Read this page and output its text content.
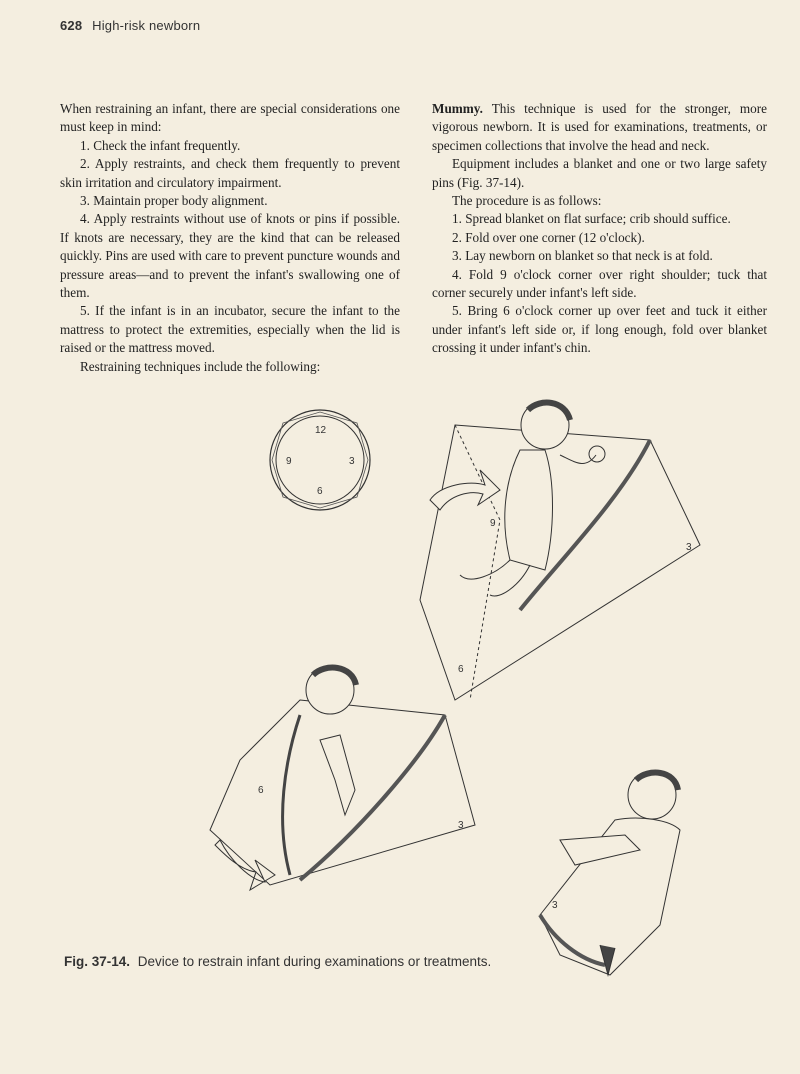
628 High-risk newborn

When restraining an infant, there are special considerations one must keep in mind:

1. Check the infant frequently.

2. Apply restraints, and check them frequently to prevent skin irritation and circulatory impairment.

3. Maintain proper body alignment.

4. Apply restraints without use of knots or pins if possible. If knots are necessary, they are the kind that can be released quickly. Pins are used with care to prevent puncture wounds and pressure areas—and to prevent the infant's swallowing one of them.

5. If the infant is in an incubator, secure the infant to the mattress to protect the extremities, especially when the lid is raised or the mattress moved.

Restraining techniques include the following:

Mummy. This technique is used for the stronger, more vigorous newborn. It is used for examinations, treatments, or specimen collections that involve the head and neck.

Equipment includes a blanket and one or two large safety pins (Fig. 37-14).

The procedure is as follows:

1. Spread blanket on flat surface; crib should suffice.

2. Fold over one corner (12 o'clock).

3. Lay newborn on blanket so that neck is at fold.

4. Fold 9 o'clock corner over right shoulder; tuck that corner securely under infant's left side.

5. Bring 6 o'clock corner up over feet and tuck it either under infant's left side or, if long enough, fold over blanket crossing it under infant's chin.

12
3
6
9
9
3
6
6
3
3
Fig. 37-14. Device to restrain infant during examinations or treatments.
